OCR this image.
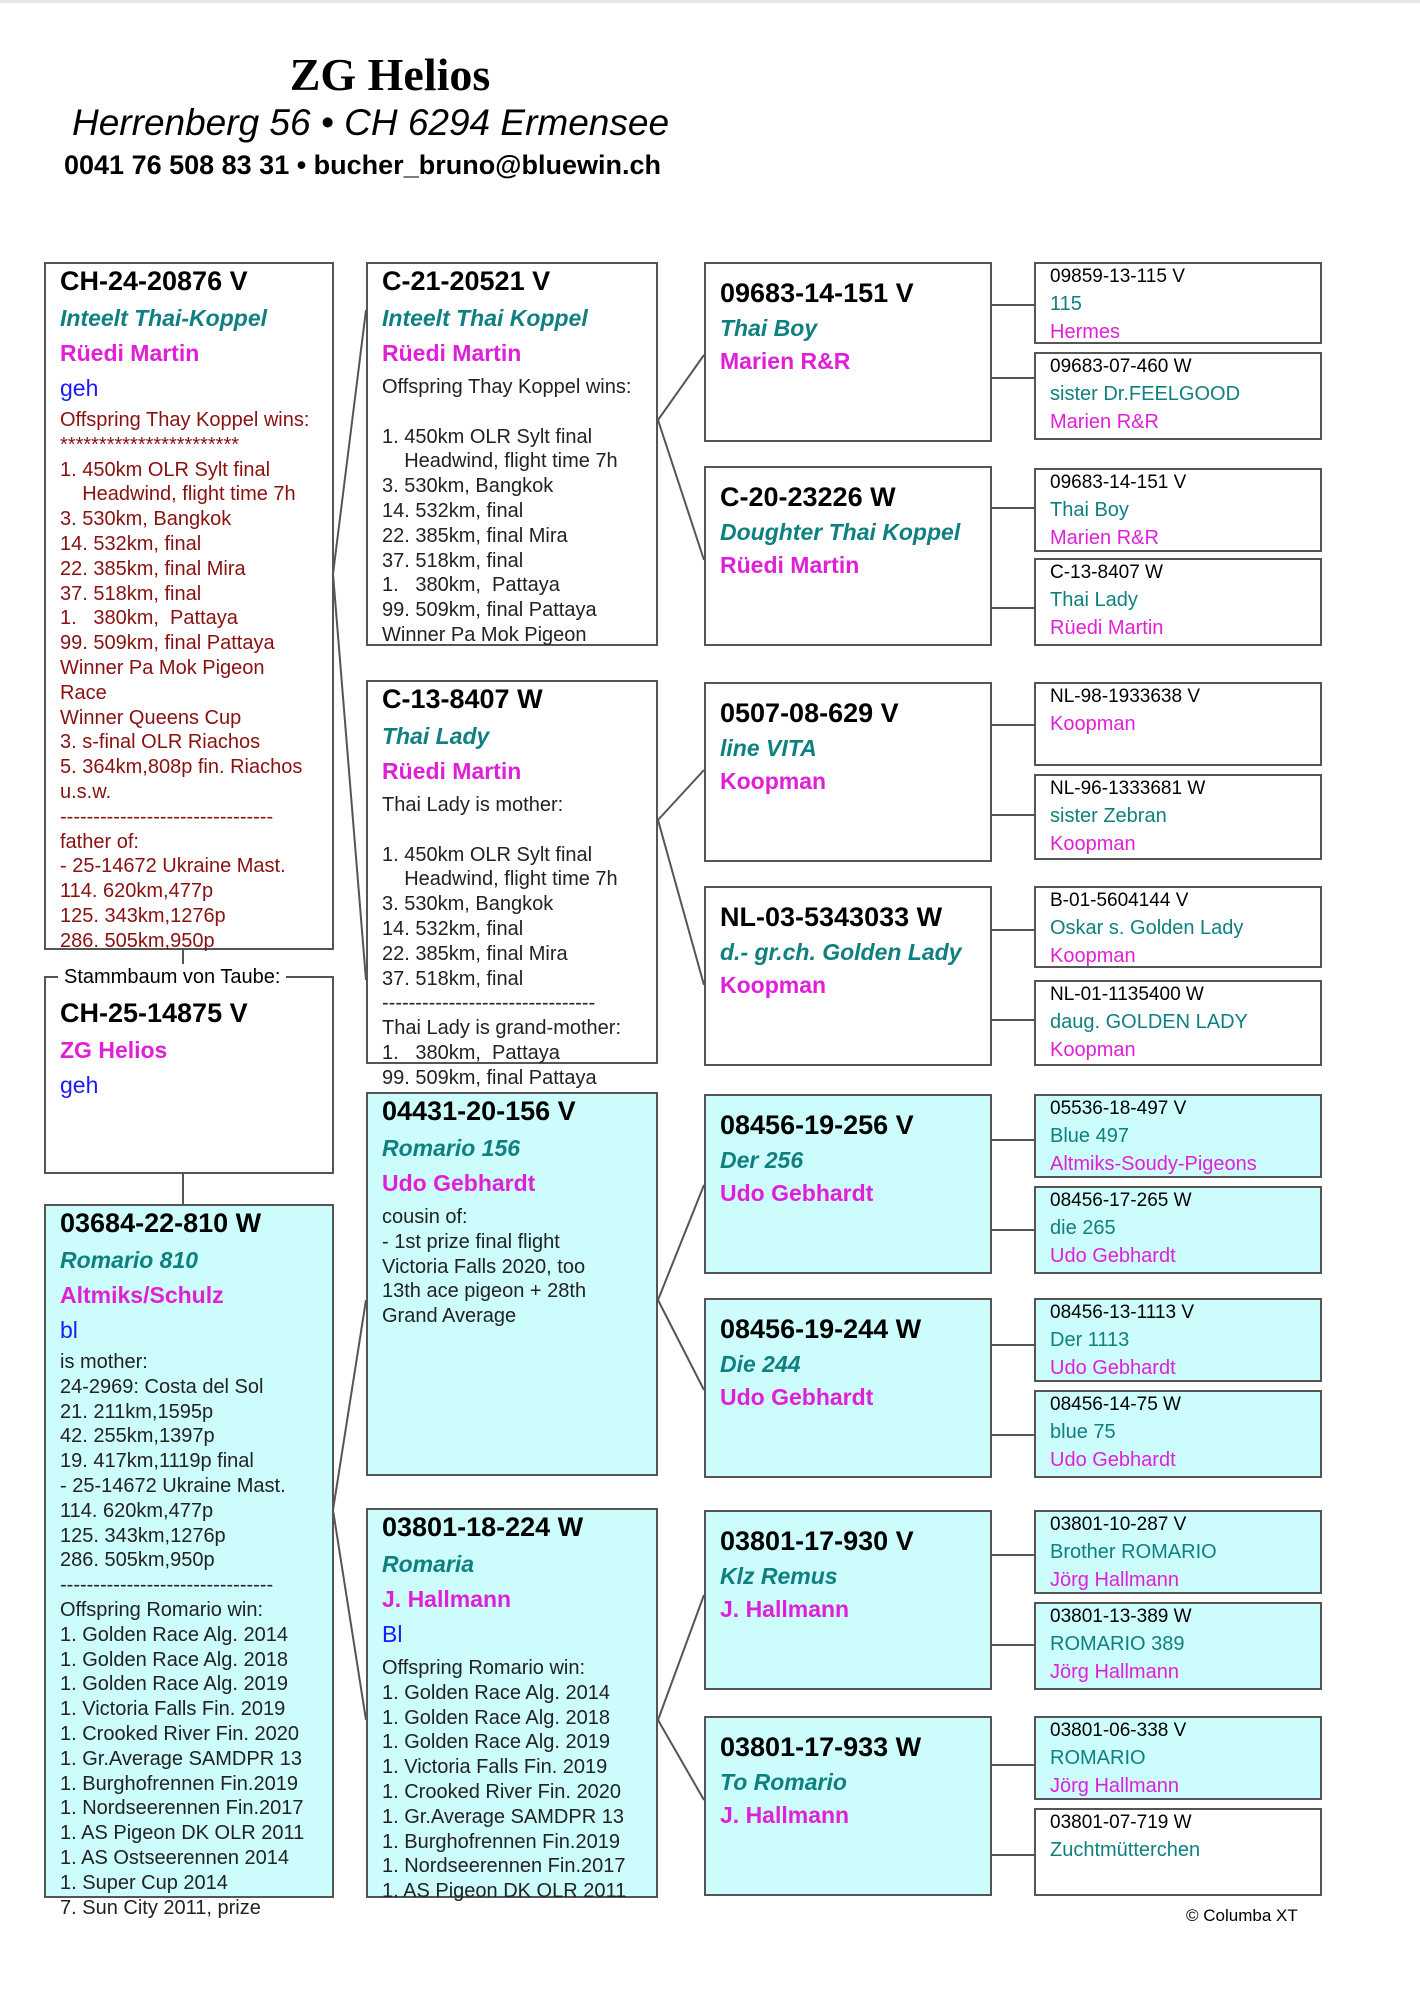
ZG Helios
Herrenberg 56 • CH 6294 Ermensee
0041 76 508 83 31 • bucher_bruno@bluewin.ch
CH-24-20876 V
Inteelt Thai-Koppel
Rüedi Martin
geh
Offspring Thay Koppel wins:
***********************
1. 450km OLR Sylt final
Headwind, flight time 7h
3. 530km, Bangkok
14. 532km, final
22. 385km, final Mira
37. 518km, final
1.   380km,  Pattaya
99. 509km, final Pattaya
Winner Pa Mok Pigeon
Race
Winner Queens Cup
3. s-final OLR Riachos
5. 364km,808p fin. Riachos
u.s.w.
--------------------------------
father of:
- 25-14672 Ukraine Mast.
114. 620km,477p
125. 343km,1276p
286. 505km,950p
CH-25-14875 V
ZG Helios
geh
Stammbaum von Taube:
03684-22-810 W
Romario 810
Altmiks/Schulz
bl
is mother:
24-2969: Costa del Sol
21. 211km,1595p
42. 255km,1397p
19. 417km,1119p final
- 25-14672 Ukraine Mast.
114. 620km,477p
125. 343km,1276p
286. 505km,950p
--------------------------------
Offspring Romario win:
1. Golden Race Alg. 2014
1. Golden Race Alg. 2018
1. Golden Race Alg. 2019
1. Victoria Falls Fin. 2019
1. Crooked River Fin. 2020
1. Gr.Average SAMDPR 13
1. Burghofrennen Fin.2019
1. Nordseerennen Fin.2017
1. AS Pigeon DK OLR 2011
1. AS Ostseerennen 2014
1. Super Cup 2014
7. Sun City 2011, prize
C-21-20521 V
Inteelt Thai Koppel
Rüedi Martin
Offspring Thay Koppel wins:

1. 450km OLR Sylt final
Headwind, flight time 7h
3. 530km, Bangkok
14. 532km, final
22. 385km, final Mira
37. 518km, final
1.   380km,  Pattaya
99. 509km, final Pattaya
Winner Pa Mok Pigeon
C-13-8407 W
Thai Lady
Rüedi Martin
Thai Lady is mother:

1. 450km OLR Sylt final
Headwind, flight time 7h
3. 530km, Bangkok
14. 532km, final
22. 385km, final Mira
37. 518km, final
--------------------------------
Thai Lady is grand-mother:
1.   380km,  Pattaya
99. 509km, final Pattaya
04431-20-156 V
Romario 156
Udo Gebhardt
cousin of:
- 1st prize final flight
Victoria Falls 2020, too
13th ace pigeon + 28th
Grand Average
03801-18-224 W
Romaria
J. Hallmann
Bl
Offspring Romario win:
1. Golden Race Alg. 2014
1. Golden Race Alg. 2018
1. Golden Race Alg. 2019
1. Victoria Falls Fin. 2019
1. Crooked River Fin. 2020
1. Gr.Average SAMDPR 13
1. Burghofrennen Fin.2019
1. Nordseerennen Fin.2017
1. AS Pigeon DK OLR 2011
09683-14-151 V
Thai Boy
Marien R&R
C-20-23226 W
Doughter Thai Koppel
Rüedi Martin
0507-08-629 V
line VITA
Koopman
NL-03-5343033 W
d.- gr.ch. Golden Lady
Koopman
08456-19-256 V
Der 256
Udo Gebhardt
08456-19-244 W
Die 244
Udo Gebhardt
03801-17-930 V
Klz Remus
J. Hallmann
03801-17-933 W
To Romario
J. Hallmann
09859-13-115 V
115
Hermes
09683-07-460 W
sister Dr.FEELGOOD
Marien R&R
09683-14-151 V
Thai Boy
Marien R&R
C-13-8407 W
Thai Lady
Rüedi Martin
NL-98-1933638 V
Koopman
NL-96-1333681 W
sister Zebran
Koopman
B-01-5604144 V
Oskar s. Golden Lady
Koopman
NL-01-1135400 W
daug. GOLDEN LADY
Koopman
05536-18-497 V
Blue 497
Altmiks-Soudy-Pigeons
08456-17-265 W
die 265
Udo Gebhardt
08456-13-1113 V
Der 1113
Udo Gebhardt
08456-14-75 W
blue 75
Udo Gebhardt
03801-10-287 V
Brother ROMARIO
Jörg Hallmann
03801-13-389 W
ROMARIO 389
Jörg Hallmann
03801-06-338 V
ROMARIO
Jörg Hallmann
03801-07-719 W
Zuchtmütterchen
© Columba XT
